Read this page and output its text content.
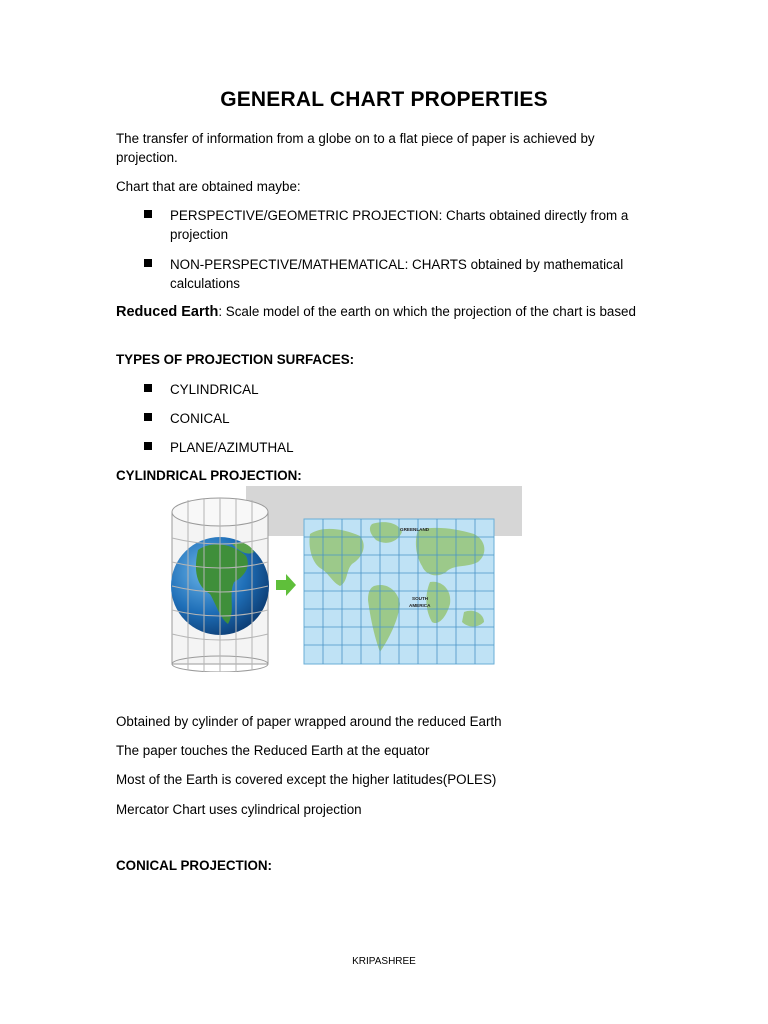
GENERAL CHART PROPERTIES
The transfer of information from a globe on to a flat piece of paper is achieved by projection.
Chart that are obtained maybe:
PERSPECTIVE/GEOMETRIC PROJECTION: Charts obtained directly from a projection
NON-PERSPECTIVE/MATHEMATICAL: CHARTS obtained by mathematical calculations
Reduced Earth: Scale model of the earth on which the projection of the chart is based
TYPES OF PROJECTION SURFACES:
CYLINDRICAL
CONICAL
PLANE/AZIMUTHAL
CYLINDRICAL PROJECTION:
GREENLAND
SOUTH
AMERICA
Obtained by cylinder of paper wrapped around the reduced Earth
The paper touches the Reduced Earth at the equator
Most of the Earth is covered except the higher latitudes(POLES)
Mercator Chart uses cylindrical projection
CONICAL PROJECTION:
KRIPASHREE
